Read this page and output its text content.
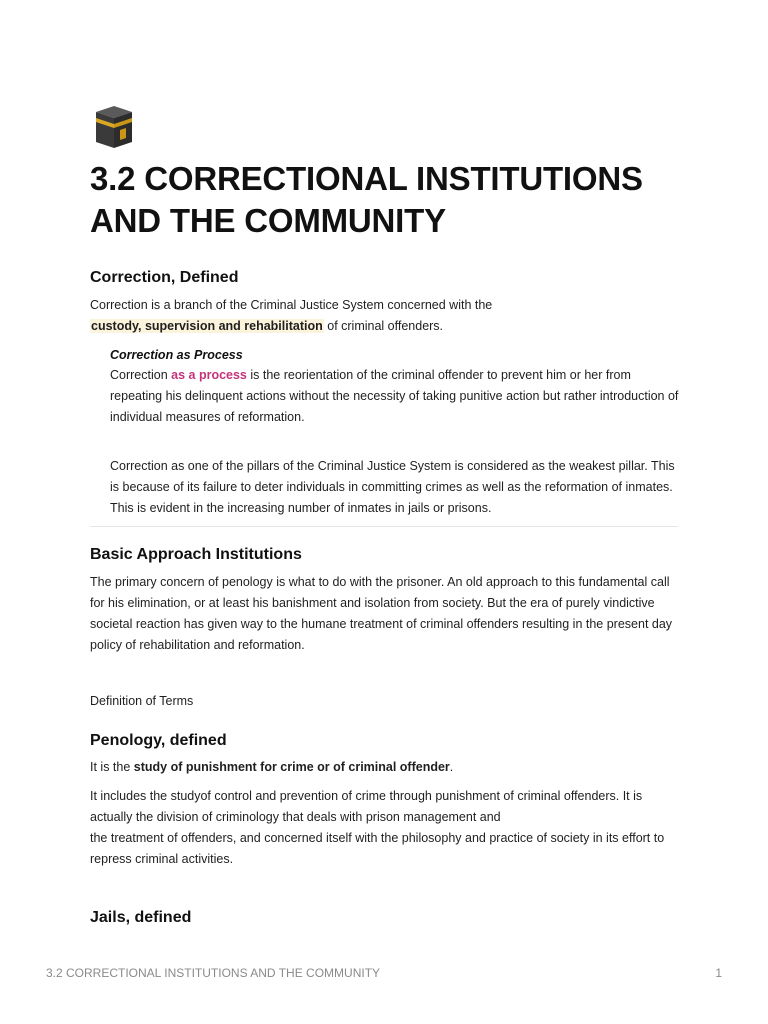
3.2 CORRECTIONAL INSTITUTIONS AND THE COMMUNITY
Correction, Defined

Correction is a branch of the Criminal Justice System concerned with the
custody, supervision and rehabilitation of criminal offenders.

Correction as Process

Correction as a process is the reorientation of the criminal offender to prevent him or her from repeating his delinquent actions without the necessity of taking punitive action but rather introduction of individual measures of reformation.

Correction as one of the pillars of the Criminal Justice System is considered as the weakest pillar. This is because of its failure to deter individuals in committing crimes as well as the reformation of inmates. This is evident in the increasing number of inmates in jails or prisons.

Basic Approach Institutions

The primary concern of penology is what to do with the prisoner. An old approach to this fundamental call for his elimination, or at least his banishment and isolation from society. But the era of purely vindictive societal reaction has given way to the humane treatment of criminal offenders resulting in the present day policy of rehabilitation and reformation.

Definition of Terms

Penology, defined

It is the study of punishment for crime or of criminal offender.

It includes the studyof control and prevention of crime through punishment of criminal offenders. It is actually the division of criminology that deals with prison management and
the treatment of offenders, and concerned itself with the philosophy and practice of society in its effort to repress criminal activities.

Jails, defined
3.2 CORRECTIONAL INSTITUTIONS AND THE COMMUNITY	1
